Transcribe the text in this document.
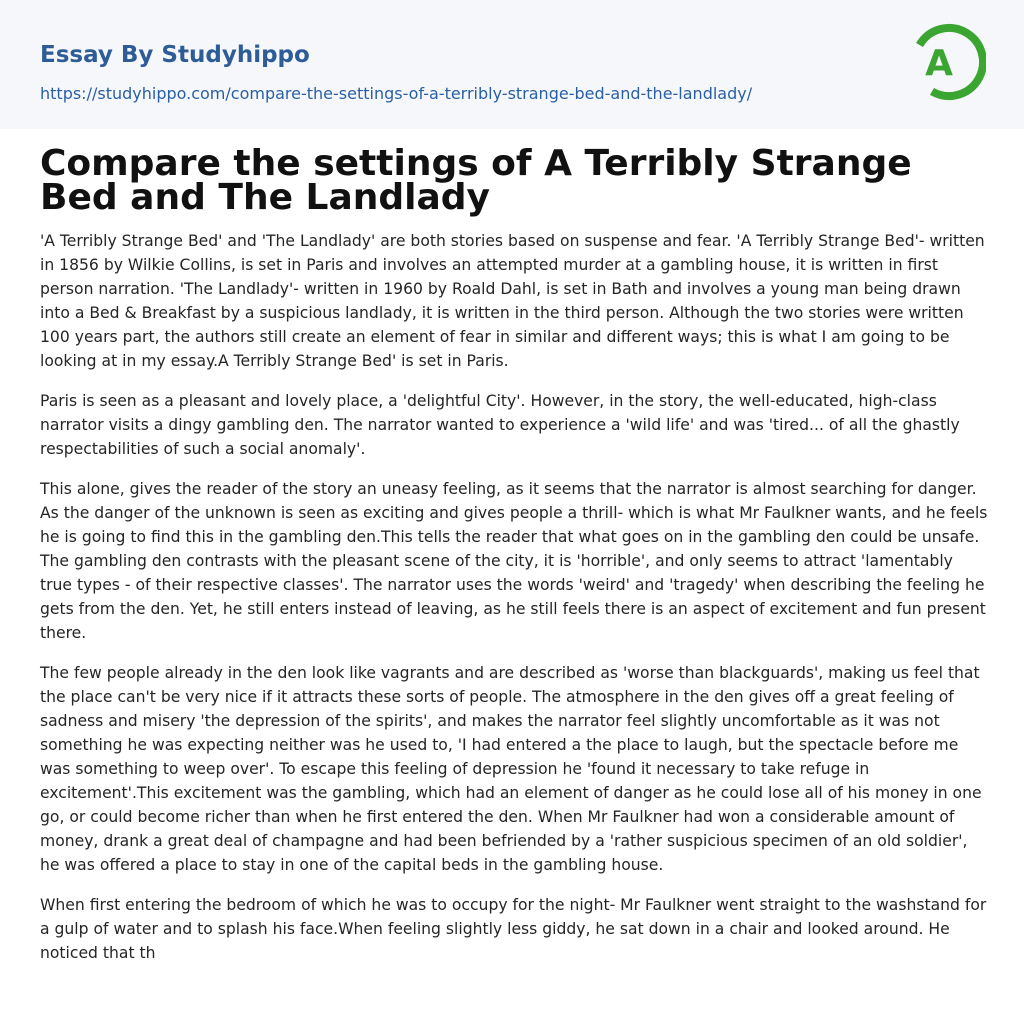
Essay By Studyhippo
https://studyhippo.com/compare-the-settings-of-a-terribly-strange-bed-and-the-landlady/
A
Compare the settings of A Terribly Strange Bed and The Landlady

'A Terribly Strange Bed' and 'The Landlady' are both stories based on suspense and fear. 'A Terribly Strange Bed'- written in 1856 by Wilkie Collins, is set in Paris and involves an attempted murder at a gambling house, it is written in first person narration. 'The Landlady'- written in 1960 by Roald Dahl, is set in Bath and involves a young man being drawn into a Bed & Breakfast by a suspicious landlady, it is written in the third person. Although the two stories were written 100 years part, the authors still create an element of fear in similar and different ways; this is what I am going to be looking at in my essay.A Terribly Strange Bed' is set in Paris.

Paris is seen as a pleasant and lovely place, a 'delightful City'. However, in the story, the well-educated, high-class narrator visits a dingy gambling den. The narrator wanted to experience a 'wild life' and was 'tired... of all the ghastly respectabilities of such a social anomaly'.

This alone, gives the reader of the story an uneasy feeling, as it seems that the narrator is almost searching for danger. As the danger of the unknown is seen as exciting and gives people a thrill- which is what Mr Faulkner wants, and he feels he is going to find this in the gambling den.This tells the reader that what goes on in the gambling den could be unsafe. The gambling den contrasts with the pleasant scene of the city, it is 'horrible', and only seems to attract 'lamentably true types - of their respective classes'. The narrator uses the words 'weird' and 'tragedy' when describing the feeling he gets from the den. Yet, he still enters instead of leaving, as he still feels there is an aspect of excitement and fun present there.

The few people already in the den look like vagrants and are described as 'worse than blackguards', making us feel that the place can't be very nice if it attracts these sorts of people. The atmosphere in the den gives off a great feeling of sadness and misery 'the depression of the spirits', and makes the narrator feel slightly uncomfortable as it was not something he was expecting neither was he used to, 'I had entered a the place to laugh, but the spectacle before me was something to weep over'. To escape this feeling of depression he 'found it necessary to take refuge in excitement'.This excitement was the gambling, which had an element of danger as he could lose all of his money in one go, or could become richer than when he first entered the den. When Mr Faulkner had won a considerable amount of money, drank a great deal of champagne and had been befriended by a 'rather suspicious specimen of an old soldier', he was offered a place to stay in one of the capital beds in the gambling house.

When first entering the bedroom of which he was to occupy for the night- Mr Faulkner went straight to the washstand for a gulp of water and to splash his face.When feeling slightly less giddy, he sat down in a chair and looked around. He noticed that th
